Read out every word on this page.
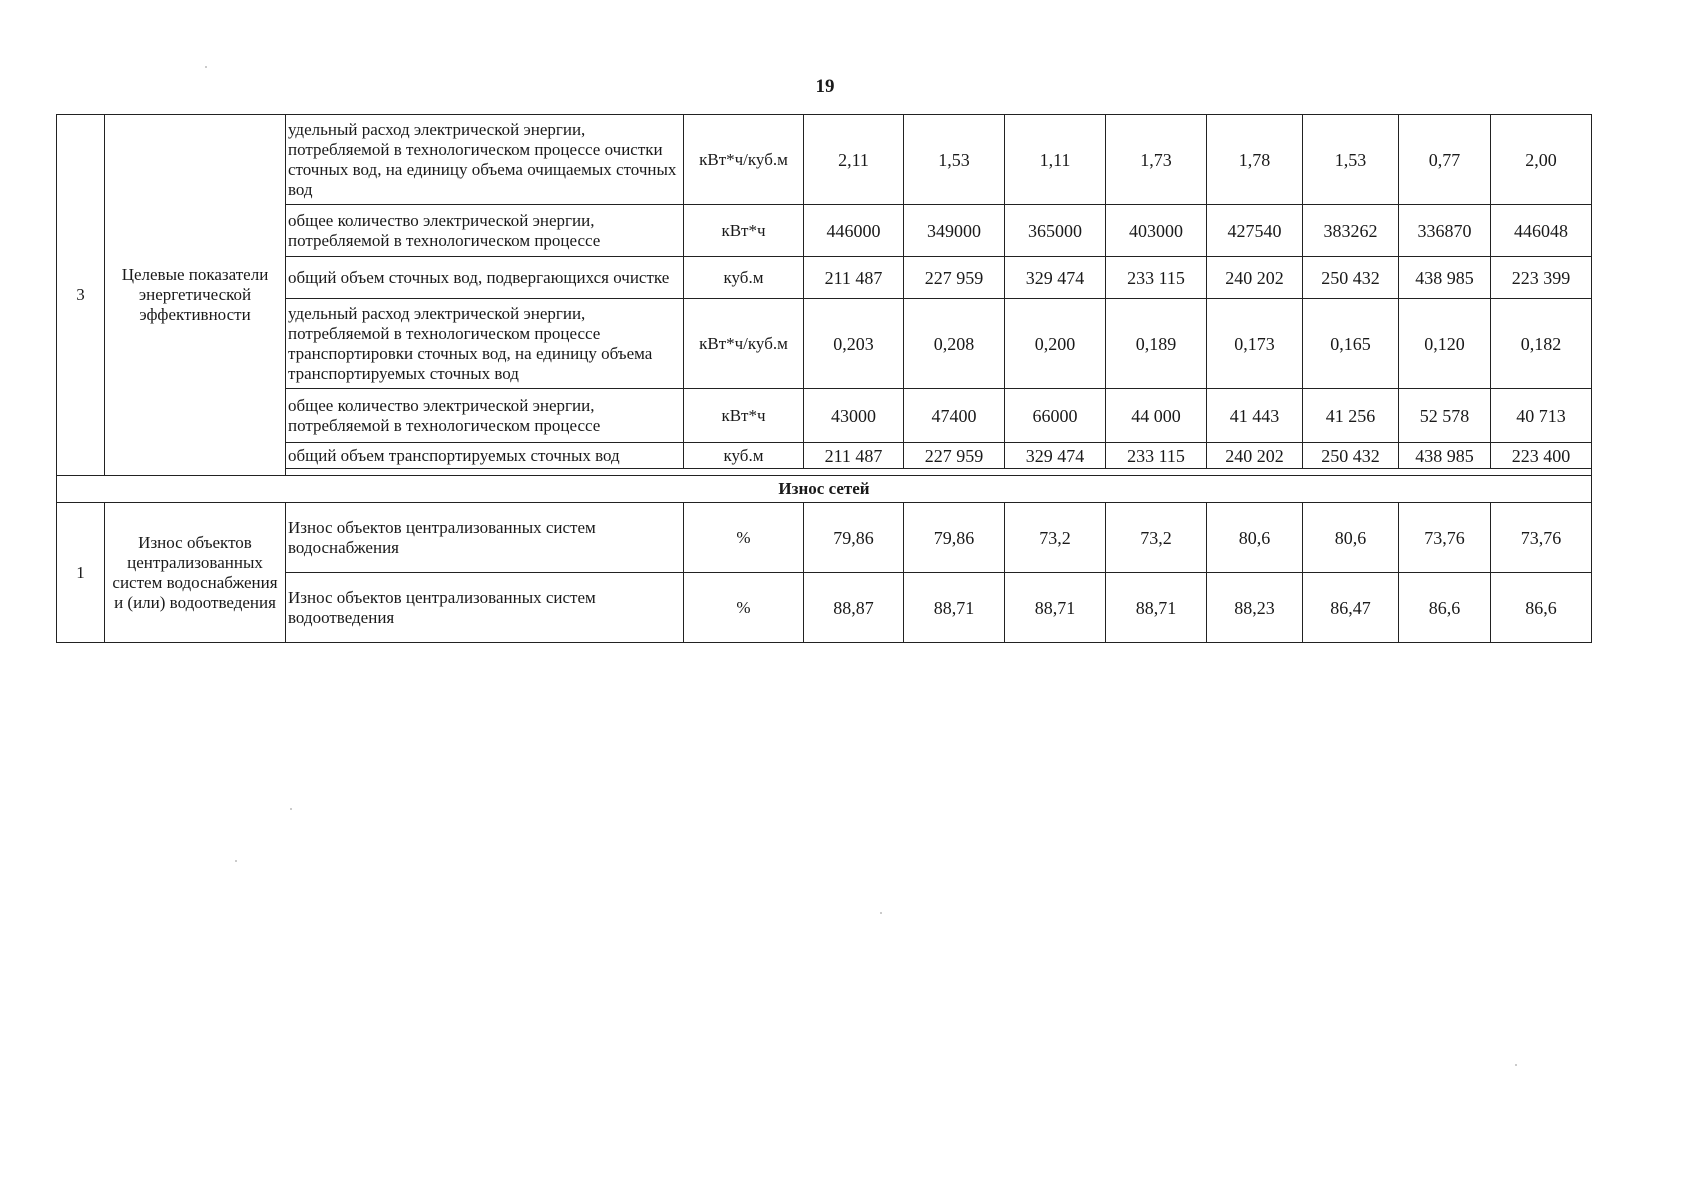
19
3	Целевые показатели энергетической эффективности	удельный расход электрической энергии, потребляемой в технологическом процессе очистки сточных вод, на единицу объема очищаемых сточных вод	кВт*ч/куб.м	2,11	1,53	1,11	1,73	1,78	1,53	0,77	2,00
		общее количество электрической энергии, потребляемой в технологическом процессе	кВт*ч	446000	349000	365000	403000	427540	383262	336870	446048
		общий объем сточных вод, подвергающихся очистке	куб.м	211 487	227 959	329 474	233 115	240 202	250 432	438 985	223 399
		удельный расход электрической энергии, потребляемой в технологическом процессе транспортировки сточных вод, на единицу объема транспортируемых сточных вод	кВт*ч/куб.м	0,203	0,208	0,200	0,189	0,173	0,165	0,120	0,182
		общее количество электрической энергии, потребляемой в технологическом процессе	кВт*ч	43000	47400	66000	44 000	41 443	41 256	52 578	40 713
		общий объем транспортируемых сточных вод	куб.м	211 487	227 959	329 474	233 115	240 202	250 432	438 985	223 400

Износ сетей											
1	Износ объектов централизованных систем водоснабжения и (или) водоотведения	Износ объектов централизованных систем водоснабжения	%	79,86	79,86	73,2	73,2	80,6	80,6	73,76	73,76
		Износ объектов централизованных систем водоотведения	%	88,87	88,71	88,71	88,71	88,23	86,47	86,6	86,6
